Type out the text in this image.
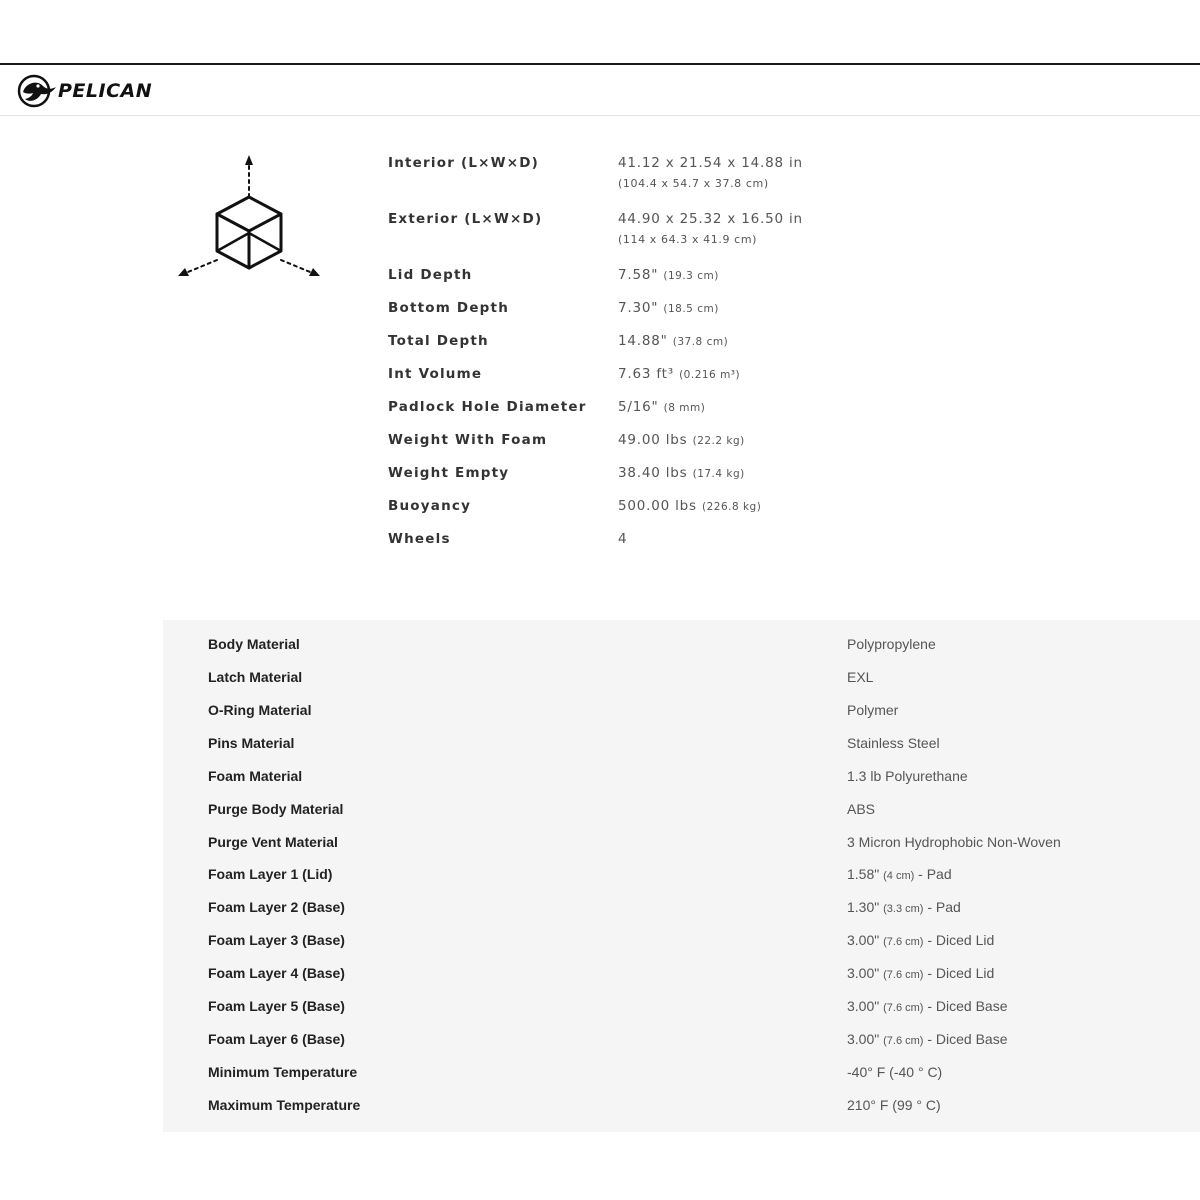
PELICAN
Interior (L×W×D)	41.12 x 21.54 x 14.88 in
(104.4 x 54.7 x 37.8 cm)
Exterior (L×W×D)	44.90 x 25.32 x 16.50 in
(114 x 64.3 x 41.9 cm)
Lid Depth	7.58" (19.3 cm)
Bottom Depth	7.30" (18.5 cm)
Total Depth	14.88" (37.8 cm)
Int Volume	7.63 ft³ (0.216 m³)
Padlock Hole Diameter	5/16" (8 mm)
Weight With Foam	49.00 lbs (22.2 kg)
Weight Empty	38.40 lbs (17.4 kg)
Buoyancy	500.00 lbs (226.8 kg)
Wheels	4
Body Material	Polypropylene
Latch Material	EXL
O-Ring Material	Polymer
Pins Material	Stainless Steel
Foam Material	1.3 lb Polyurethane
Purge Body Material	ABS
Purge Vent Material	3 Micron Hydrophobic Non-Woven
Foam Layer 1 (Lid)	1.58" (4 cm) - Pad
Foam Layer 2 (Base)	1.30" (3.3 cm) - Pad
Foam Layer 3 (Base)	3.00" (7.6 cm) - Diced Lid
Foam Layer 4 (Base)	3.00" (7.6 cm) - Diced Lid
Foam Layer 5 (Base)	3.00" (7.6 cm) - Diced Base
Foam Layer 6 (Base)	3.00" (7.6 cm) - Diced Base
Minimum Temperature	-40° F (-40 ° C)
Maximum Temperature	210° F (99 ° C)
